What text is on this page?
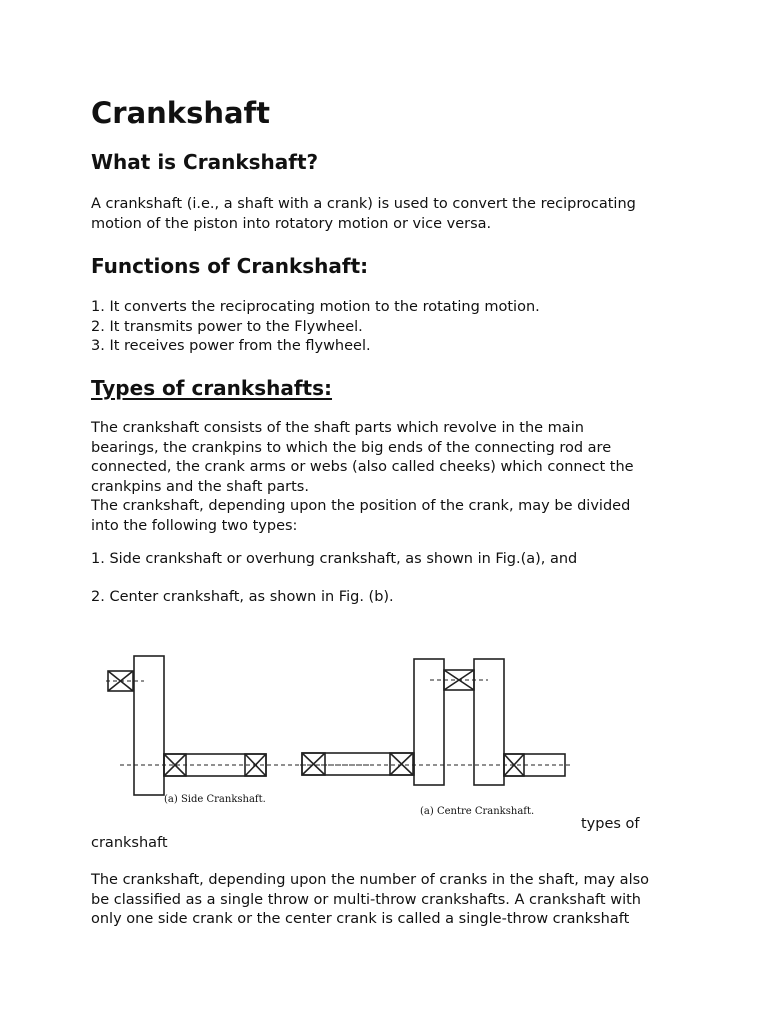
Crankshaft
What is Crankshaft?

A crankshaft (i.e., a shaft with a crank) is used to convert the reciprocating
motion of the piston into rotatory motion or vice versa.

Functions of Crankshaft:

1. It converts the reciprocating motion to the rotating motion.
2. It transmits power to the Flywheel.
3. It receives power from the flywheel.

Types of crankshafts:

The crankshaft consists of the shaft parts which revolve in the main
bearings, the crankpins to which the big ends of the connecting rod are
connected, the crank arms or webs (also called cheeks) which connect the
crankpins and the shaft parts.
The crankshaft, depending upon the position of the crank, may be divided
into the following two types:

1. Side crankshaft or overhung crankshaft, as shown in Fig.(a), and

2. Center crankshaft, as shown in Fig. (b).

types of

crankshaft

The crankshaft, depending upon the number of cranks in the shaft, may also
be classified as a single throw or multi-throw crankshafts. A crankshaft with
only one side crank or the center crank is called a single-throw crankshaft

(a) Side Crankshaft.
(a) Centre Crankshaft.
